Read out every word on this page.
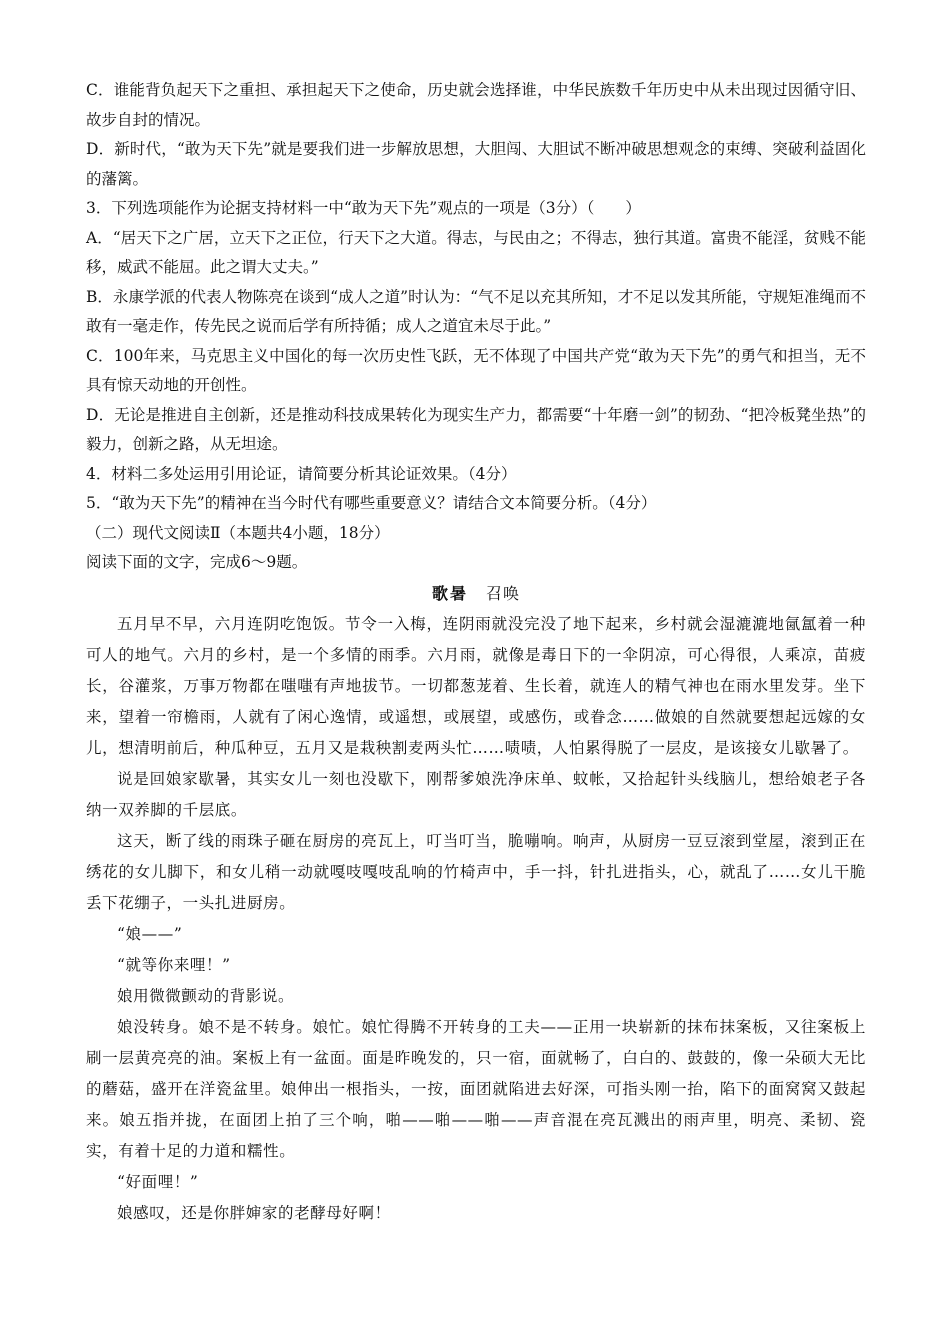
C．谁能背负起天下之重担、承担起天下之使命，历史就会选择谁，中华民族数千年历史中从未出现过因循守旧、故步自封的情况。

D．新时代，“敢为天下先”就是要我们进一步解放思想，大胆闯、大胆试不断冲破思想观念的束缚、突破利益固化的藩篱。

3．下列选项能作为论据支持材料一中“敢为天下先”观点的一项是（3分）（　　）

A．“居天下之广居，立天下之正位，行天下之大道。得志，与民由之；不得志，独行其道。富贵不能淫，贫贱不能移，威武不能屈。此之谓大丈夫。”

B．永康学派的代表人物陈亮在谈到“成人之道”时认为：“气不足以充其所知，才不足以发其所能，守规矩准绳而不敢有一毫走作，传先民之说而后学有所持循；成人之道宜未尽于此。”

C．100年来，马克思主义中国化的每一次历史性飞跃，无不体现了中国共产党“敢为天下先”的勇气和担当，无不具有惊天动地的开创性。

D．无论是推进自主创新，还是推动科技成果转化为现实生产力，都需要“十年磨一剑”的韧劲、“把冷板凳坐热”的毅力，创新之路，从无坦途。

4．材料二多处运用引用论证，请简要分析其论证效果。（4分）

5．“敢为天下先”的精神在当今时代有哪些重要意义？请结合文本简要分析。（4分）

（二）现代文阅读Ⅱ（本题共4小题，18分）

阅读下面的文字，完成6～9题。

歌暑 召唤

五月早不早，六月连阴吃饱饭。节令一入梅，连阴雨就没完没了地下起来，乡村就会湿漉漉地氤氲着一种可人的地气。六月的乡村，是一个多情的雨季。六月雨，就像是毒日下的一伞阴凉，可心得很，人乘凉，苗疲长，谷灌浆，万事万物都在嗤嗤有声地拔节。一切都葱茏着、生长着，就连人的精气神也在雨水里发芽。坐下来，望着一帘檐雨，人就有了闲心逸情，或遥想，或展望，或感伤，或眷念……做娘的自然就要想起远嫁的女儿，想清明前后，种瓜种豆，五月又是栽秧割麦两头忙……啧啧，人怕累得脱了一层皮，是该接女儿歇暑了。

说是回娘家歇暑，其实女儿一刻也没歇下，刚帮爹娘洗净床单、蚊帐，又拾起针头线脑儿，想给娘老子各纳一双养脚的千层底。

这天，断了线的雨珠子砸在厨房的亮瓦上，叮当叮当，脆嘣响。响声，从厨房一豆豆滚到堂屋，滚到正在绣花的女儿脚下，和女儿稍一动就嘎吱嘎吱乱响的竹椅声中，手一抖，针扎进指头，心，就乱了……女儿干脆丢下花绷子，一头扎进厨房。

“娘——”

“就等你来哩！”

娘用微微颤动的背影说。

娘没转身。娘不是不转身。娘忙。娘忙得腾不开转身的工夫——正用一块崭新的抹布抹案板，又往案板上刷一层黄亮亮的油。案板上有一盆面。面是昨晚发的，只一宿，面就畅了，白白的、鼓鼓的，像一朵硕大无比的蘑菇，盛开在洋瓷盆里。娘伸出一根指头，一按，面团就陷进去好深，可指头刚一抬，陷下的面窝窝又鼓起来。娘五指并拢，在面团上拍了三个响，啪——啪——啪——声音混在亮瓦溅出的雨声里，明亮、柔韧、瓷实，有着十足的力道和糯性。

“好面哩！”

娘感叹，还是你胖婶家的老酵母好啊！
